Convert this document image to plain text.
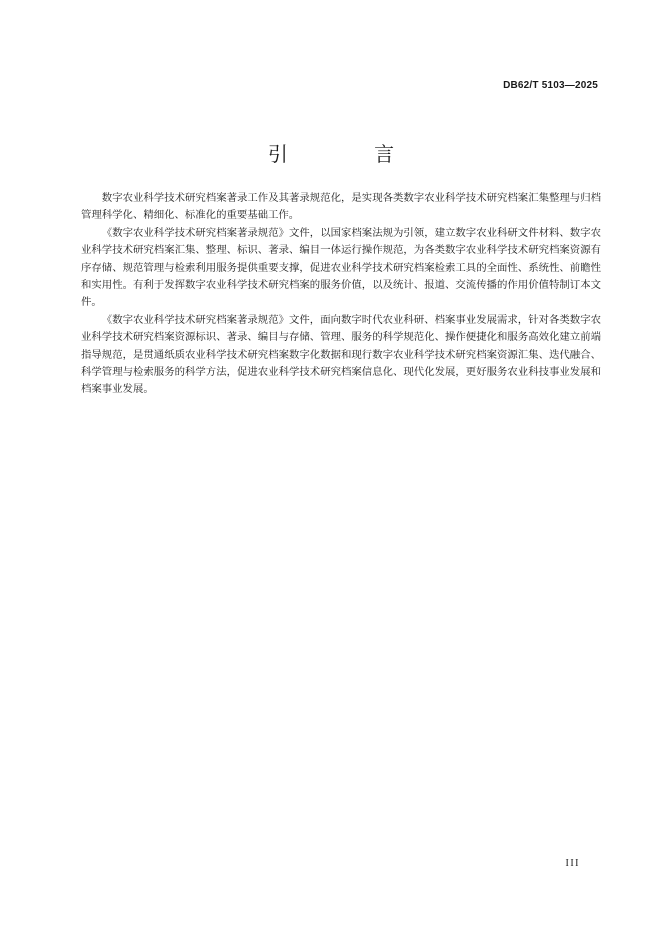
DB62/T 5103—2025
引 言

数字农业科学技术研究档案著录工作及其著录规范化，是实现各类数字农业科学技术研究档案汇集整理与归档管理科学化、精细化、标准化的重要基础工作。

《数字农业科学技术研究档案著录规范》文件，以国家档案法规为引领，建立数字农业科研文件材料、数字农业科学技术研究档案汇集、整理、标识、著录、编目一体运行操作规范，为各类数字农业科学技术研究档案资源有序存储、规范管理与检索利用服务提供重要支撑，促进农业科学技术研究档案检索工具的全面性、系统性、前瞻性和实用性。有利于发挥数字农业科学技术研究档案的服务价值，以及统计、报道、交流传播的作用价值特制订本文件。

《数字农业科学技术研究档案著录规范》文件，面向数字时代农业科研、档案事业发展需求，针对各类数字农业科学技术研究档案资源标识、著录、编目与存储、管理、服务的科学规范化、操作便捷化和服务高效化建立前端指导规范，是贯通纸质农业科学技术研究档案数字化数据和现行数字农业科学技术研究档案资源汇集、迭代融合、科学管理与检索服务的科学方法，促进农业科学技术研究档案信息化、现代化发展，更好服务农业科技事业发展和档案事业发展。

III
